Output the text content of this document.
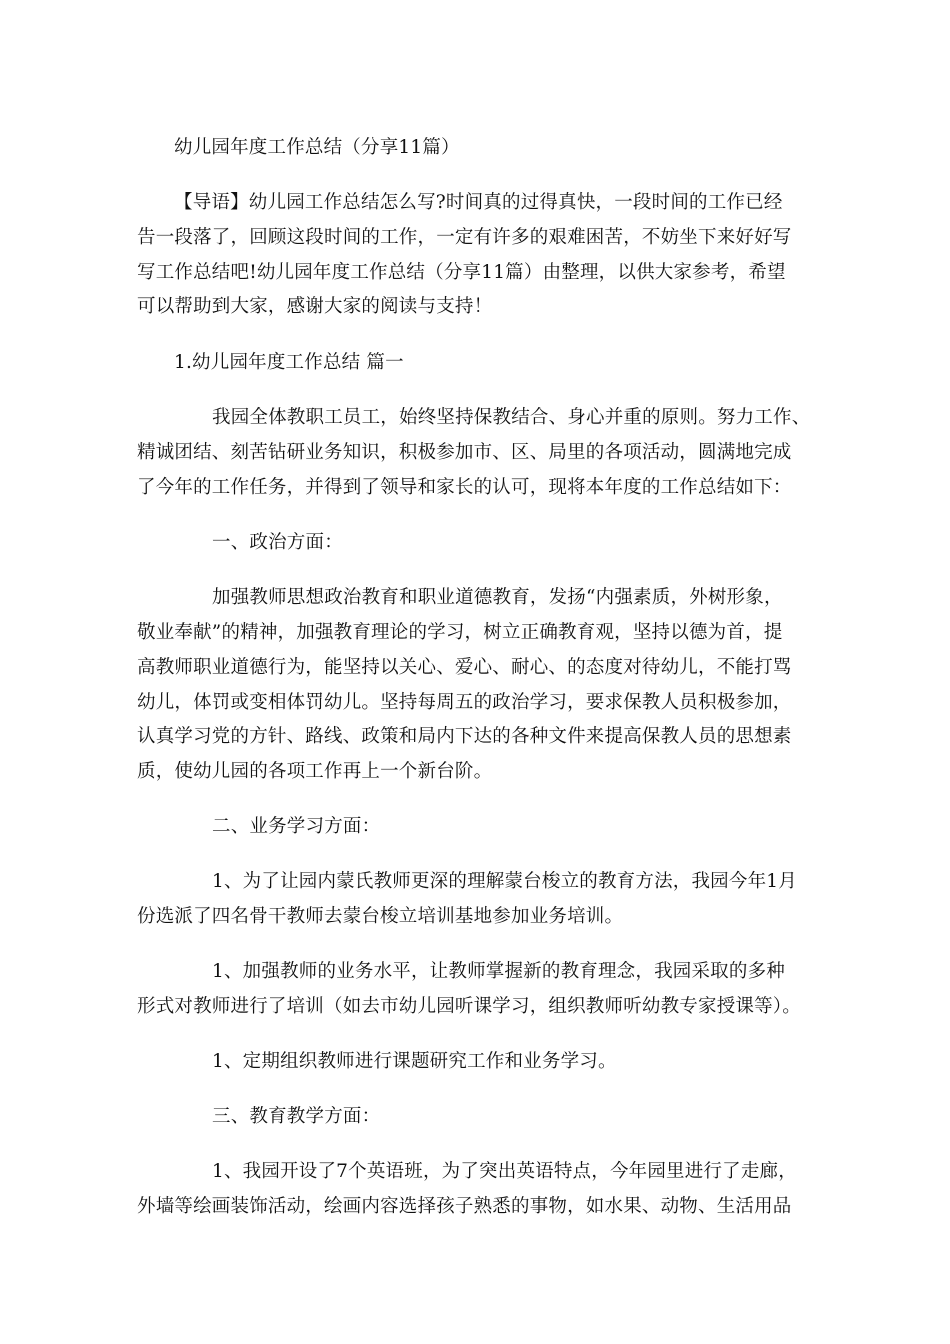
幼儿园年度工作总结（分享11篇）
【导语】幼儿园工作总结怎么写?时间真的过得真快，一段时间的工作已经
告一段落了，回顾这段时间的工作，一定有许多的艰难困苦，不妨坐下来好好写
写工作总结吧!幼儿园年度工作总结（分享11篇）由整理，以供大家参考，希望
可以帮助到大家，感谢大家的阅读与支持！
1.幼儿园年度工作总结 篇一
我园全体教职工员工，始终坚持保教结合、身心并重的原则。努力工作、
精诚团结、刻苦钻研业务知识，积极参加市、区、局里的各项活动，圆满地完成
了今年的工作任务，并得到了领导和家长的认可，现将本年度的工作总结如下：
一、政治方面：
加强教师思想政治教育和职业道德教育，发扬“内强素质，外树形象，
敬业奉献”的精神，加强教育理论的学习，树立正确教育观，坚持以德为首，提
高教师职业道德行为，能坚持以关心、爱心、耐心、的态度对待幼儿，不能打骂
幼儿，体罚或变相体罚幼儿。坚持每周五的政治学习，要求保教人员积极参加，
认真学习党的方针、路线、政策和局内下达的各种文件来提高保教人员的思想素
质，使幼儿园的各项工作再上一个新台阶。
二、业务学习方面：
1、为了让园内蒙氏教师更深的理解蒙台梭立的教育方法，我园今年1月
份选派了四名骨干教师去蒙台梭立培训基地参加业务培训。
1、加强教师的业务水平，让教师掌握新的教育理念，我园采取的多种
形式对教师进行了培训（如去市幼儿园听课学习，组织教师听幼教专家授课等）。
1、定期组织教师进行课题研究工作和业务学习。
三、教育教学方面：
1、我园开设了7个英语班，为了突出英语特点，今年园里进行了走廊，
外墙等绘画装饰活动，绘画内容选择孩子熟悉的事物，如水果、动物、生活用品
